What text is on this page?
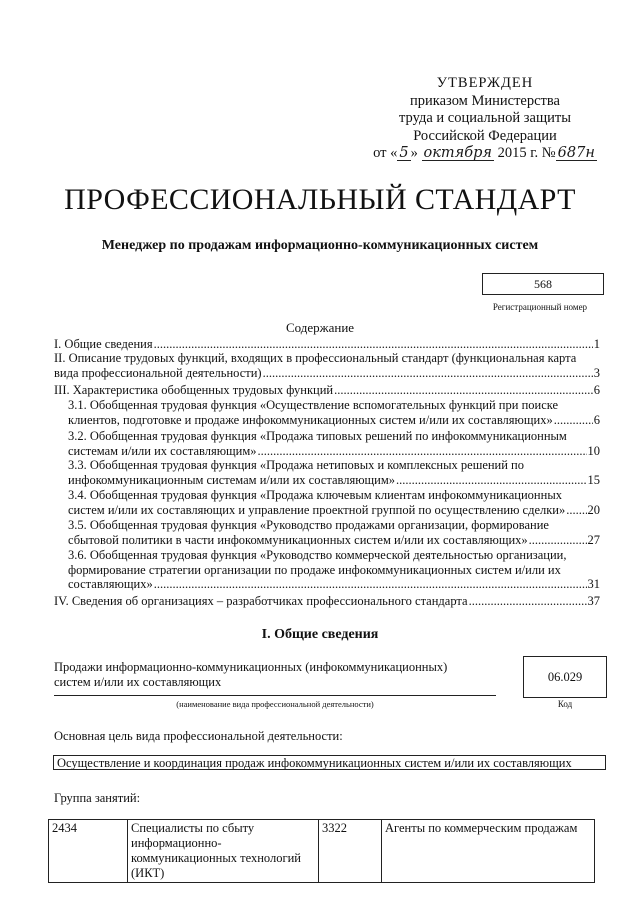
УТВЕРЖДЕН
приказом Министерства
труда и социальной защиты
Российской Федерации
от « 5 » октября 2015 г. № 687н
ПРОФЕССИОНАЛЬНЫЙ СТАНДАРТ
Менеджер по продажам информационно-коммуникационных систем
568
Регистрационный номер
Содержание
I. Общие сведения .....	1
II. Описание трудовых функций, входящих в профессиональный стандарт (функциональная карта
вида профессиональной деятельности) .....	3
III. Характеристика обобщенных трудовых функций .....	6
3.1. Обобщенная трудовая функция «Осуществление вспомогательных функций при поиске
клиентов, подготовке и продаже инфокоммуникационных систем и/или их составляющих» .....	6
3.2. Обобщенная трудовая функция «Продажа типовых решений по инфокоммуникационным
системам и/или их составляющим» .....	10
3.3. Обобщенная трудовая функция «Продажа нетиповых и комплексных решений по
инфокоммуникационным системам и/или их составляющим» .....	15
3.4. Обобщенная трудовая функция «Продажа ключевым клиентам инфокоммуникационных
систем и/или их составляющих и управление проектной группой по осуществлению сделки» ..... 20
3.5. Обобщенная трудовая функция «Руководство продажами организации, формирование
сбытовой политики в части инфокоммуникационных систем и/или их составляющих» .....	27
3.6. Обобщенная трудовая функция «Руководство коммерческой деятельностью организации,
формирование стратегии организации по продаже инфокоммуникационных систем и/или их
составляющих» .....	31
IV. Сведения об организациях – разработчиках профессионального стандарта .....	37
I. Общие сведения
Продажи информационно-коммуникационных (инфокоммуникационных)
систем и/или их составляющих
(наименование вида профессиональной деятельности)
06.029
Код
Основная цель вида профессиональной деятельности:
Осуществление и координация продаж инфокоммуникационных систем и/или их составляющих
Группа занятий:
2434	Специалисты по сбыту информационно-коммуникационных технологий (ИКТ)	3322	Агенты по коммерческим продажам
